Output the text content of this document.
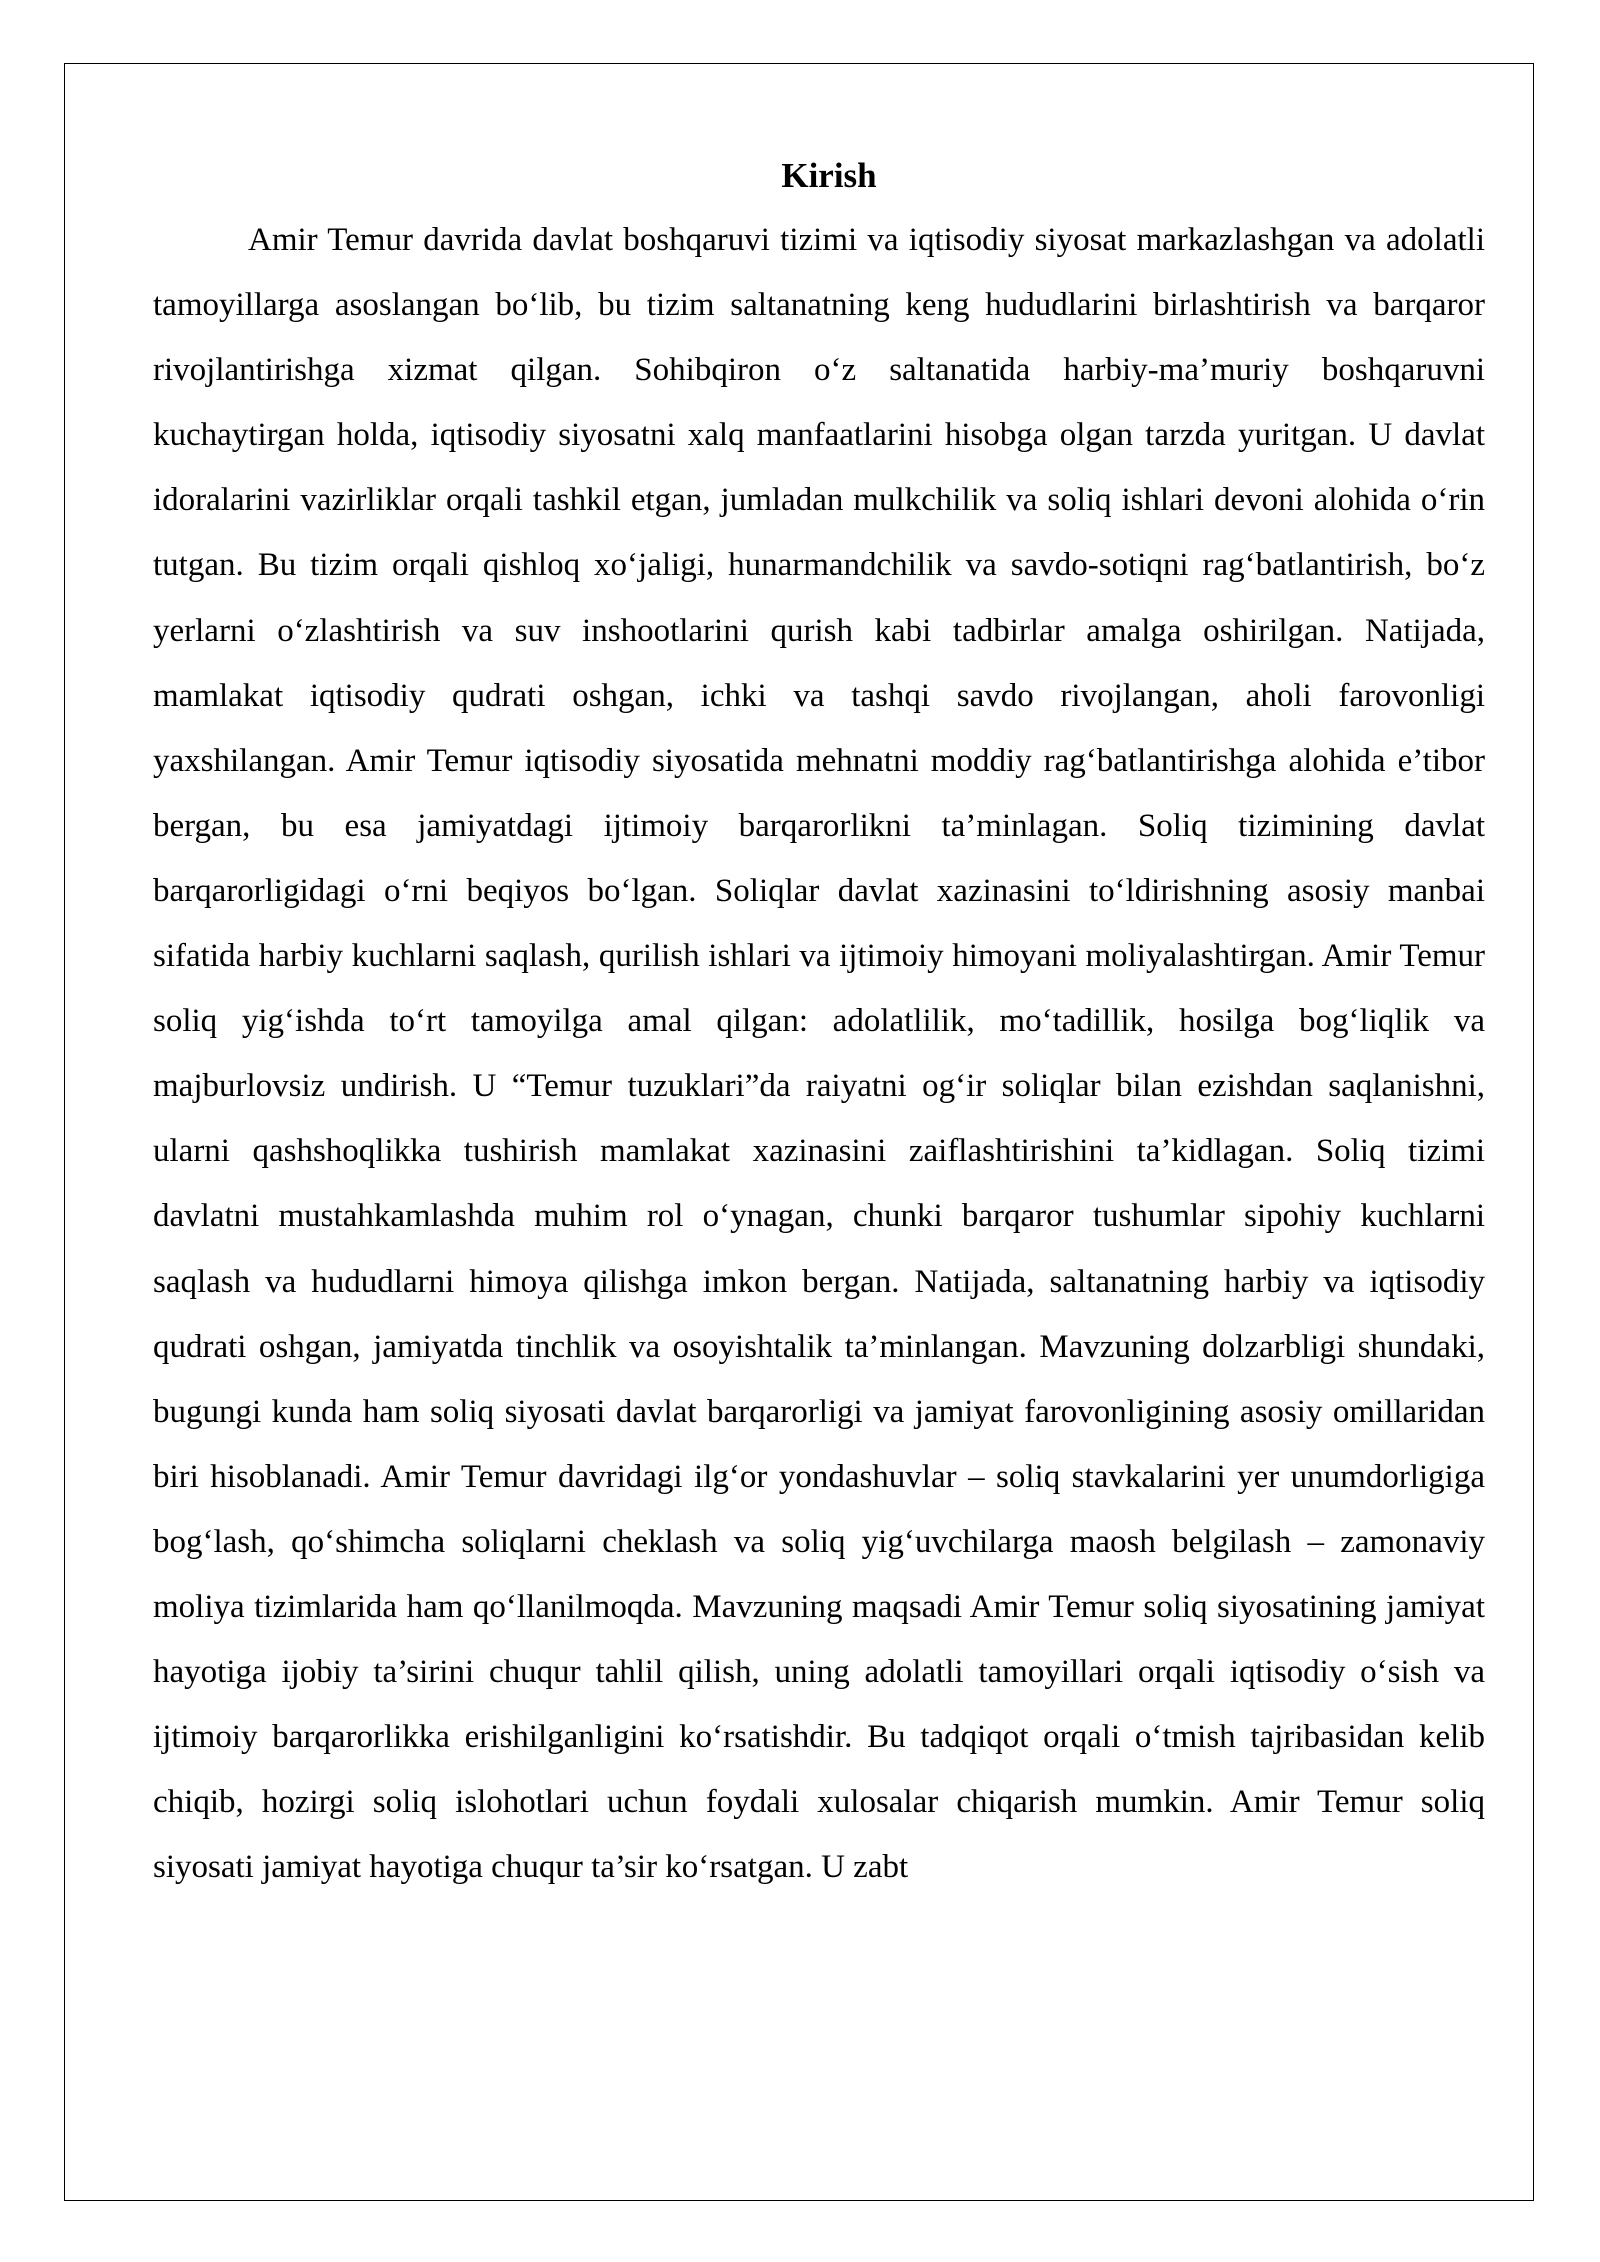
Kirish

Amir Temur davrida davlat boshqaruvi tizimi va iqtisodiy siyosat markazlashgan va adolatli tamoyillarga asoslangan bo‘lib, bu tizim saltanatning keng hududlarini birlashtirish va barqaror rivojlantirishga xizmat qilgan. Sohibqiron o‘z saltanatida harbiy-ma’muriy boshqaruvni kuchaytirgan holda, iqtisodiy siyosatni xalq manfaatlarini hisobga olgan tarzda yuritgan. U davlat idoralarini vazirliklar orqali tashkil etgan, jumladan mulkchilik va soliq ishlari devoni alohida o‘rin tutgan. Bu tizim orqali qishloq xo‘jaligi, hunarmandchilik va savdo-sotiqni rag‘batlantirish, bo‘z yerlarni o‘zlashtirish va suv inshootlarini qurish kabi tadbirlar amalga oshirilgan. Natijada, mamlakat iqtisodiy qudrati oshgan, ichki va tashqi savdo rivojlangan, aholi farovonligi yaxshilangan. Amir Temur iqtisodiy siyosatida mehnatni moddiy rag‘batlantirishga alohida e’tibor bergan, bu esa jamiyatdagi ijtimoiy barqarorlikni ta’minlagan. Soliq tizimining davlat barqarorligidagi o‘rni beqiyos bo‘lgan. Soliqlar davlat xazinasini to‘ldirishning asosiy manbai sifatida harbiy kuchlarni saqlash, qurilish ishlari va ijtimoiy himoyani moliyalashtirgan. Amir Temur soliq yig‘ishda to‘rt tamoyilga amal qilgan: adolatlilik, mo‘tadillik, hosilga bog‘liqlik va majburlovsiz undirish. U “Temur tuzuklari”da raiyatni og‘ir soliqlar bilan ezishdan saqlanishni, ularni qashshoqlikka tushirish mamlakat xazinasini zaiflashtirishini ta’kidlagan. Soliq tizimi davlatni mustahkamlashda muhim rol o‘ynagan, chunki barqaror tushumlar sipohiy kuchlarni saqlash va hududlarni himoya qilishga imkon bergan. Natijada, saltanatning harbiy va iqtisodiy qudrati oshgan, jamiyatda tinchlik va osoyishtalik ta’minlangan. Mavzuning dolzarbligi shundaki, bugungi kunda ham soliq siyosati davlat barqarorligi va jamiyat farovonligining asosiy omillaridan biri hisoblanadi. Amir Temur davridagi ilg‘or yondashuvlar – soliq stavkalarini yer unumdorligiga bog‘lash, qo‘shimcha soliqlarni cheklash va soliq yig‘uvchilarga maosh belgilash – zamonaviy moliya tizimlarida ham qo‘llanilmoqda. Mavzuning maqsadi Amir Temur soliq siyosatining jamiyat hayotiga ijobiy ta’sirini chuqur tahlil qilish, uning adolatli tamoyillari orqali iqtisodiy o‘sish va ijtimoiy barqarorlikka erishilganligini ko‘rsatishdir. Bu tadqiqot orqali o‘tmish tajribasidan kelib chiqib, hozirgi soliq islohotlari uchun foydali xulosalar chiqarish mumkin. Amir Temur soliq siyosati jamiyat hayotiga chuqur ta’sir ko‘rsatgan. U zabt
